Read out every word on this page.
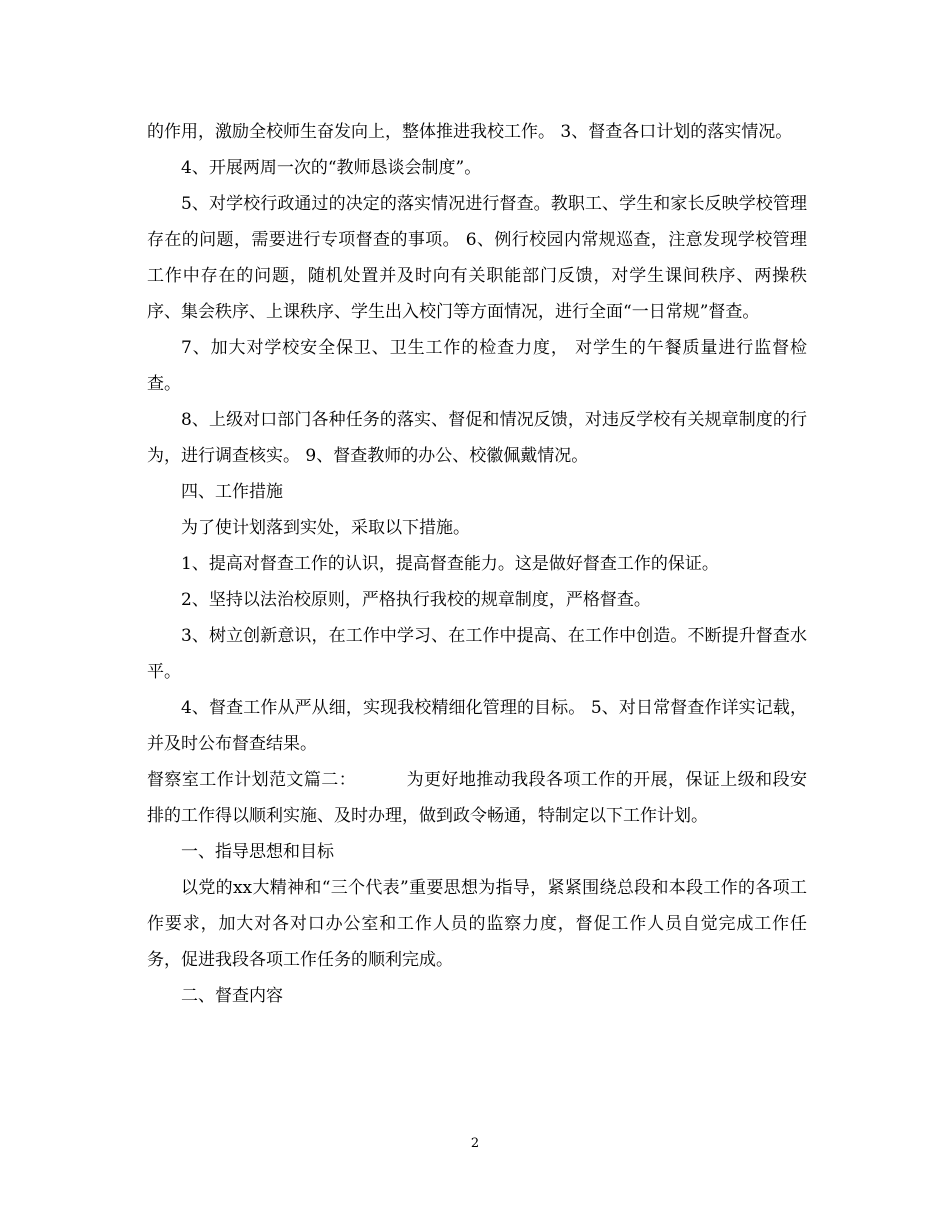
的作用，激励全校师生奋发向上，整体推进我校工作。 3、督查各口计划的落实情况。

4、开展两周一次的“教师恳谈会制度”。

5、对学校行政通过的决定的落实情况进行督查。教职工、学生和家长反映学校管理存在的问题，需要进行专项督查的事项。 6、例行校园内常规巡查，注意发现学校管理工作中存在的问题，随机处置并及时向有关职能部门反馈，对学生课间秩序、两操秩序、集会秩序、上课秩序、学生出入校门等方面情况，进行全面“一日常规”督查。

7、加大对学校安全保卫、卫生工作的检查力度， 对学生的午餐质量进行监督检查。

8、上级对口部门各种任务的落实、督促和情况反馈，对违反学校有关规章制度的行为，进行调查核实。 9、督查教师的办公、校徽佩戴情况。

四、工作措施

为了使计划落到实处，采取以下措施。

1、提高对督查工作的认识，提高督查能力。这是做好督查工作的保证。

2、坚持以法治校原则，严格执行我校的规章制度，严格督查。

3、树立创新意识，在工作中学习、在工作中提高、在工作中创造。不断提升督查水平。

4、督查工作从严从细，实现我校精细化管理的目标。 5、对日常督查作详实记载，并及时公布督查结果。

督察室工作计划范文篇二：	为更好地推动我段各项工作的开展，保证上级和段安排的工作得以顺利实施、及时办理，做到政令畅通，特制定以下工作计划。

一、指导思想和目标

以党的xx大精神和“三个代表”重要思想为指导，紧紧围绕总段和本段工作的各项工作要求，加大对各对口办公室和工作人员的监察力度，督促工作人员自觉完成工作任务，促进我段各项工作任务的顺利完成。

二、督查内容

2
